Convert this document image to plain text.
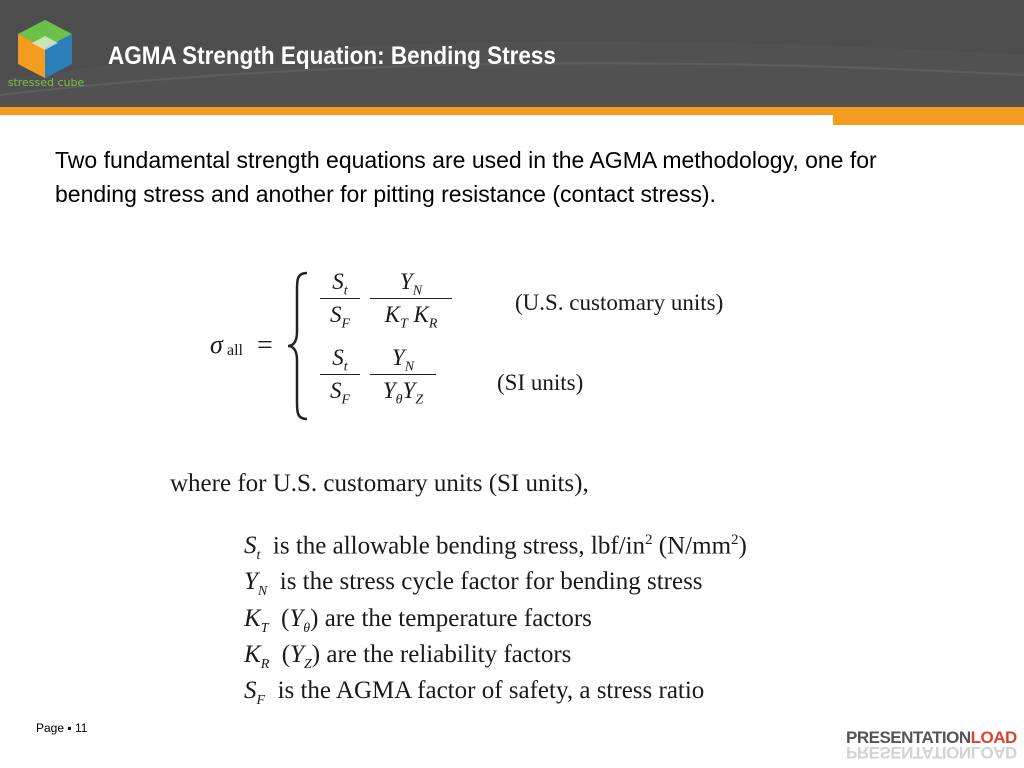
stressed cube
AGMA Strength Equation: Bending Stress
Two fundamental strength equations are used in the AGMA methodology, one for bending stress and another for pitting resistance (contact stress).
σ all =
$S_t$
$S_F$
$Y_N$
$K_T$ $K_R$
(U.S. customary units)
$S_t$
$S_F$
$Y_N$
$Y_\theta Y_Z$
(SI units)
where for U.S. customary units (SI units),
$S_t$ is the allowable bending stress, lbf/$in^2$ $(N/mm^2)$
$Y_N$ is the stress cycle factor for bending stress
$K_T$  $(Y_\theta)$ are the temperature factors
$K_R$  $(Y_Z)$ are the reliability factors
$S_F$ is the AGMA factor of safety, a stress ratio
Page ▪ 11	PRESENTATIONLOAD
PRESENTATIONLOAD
